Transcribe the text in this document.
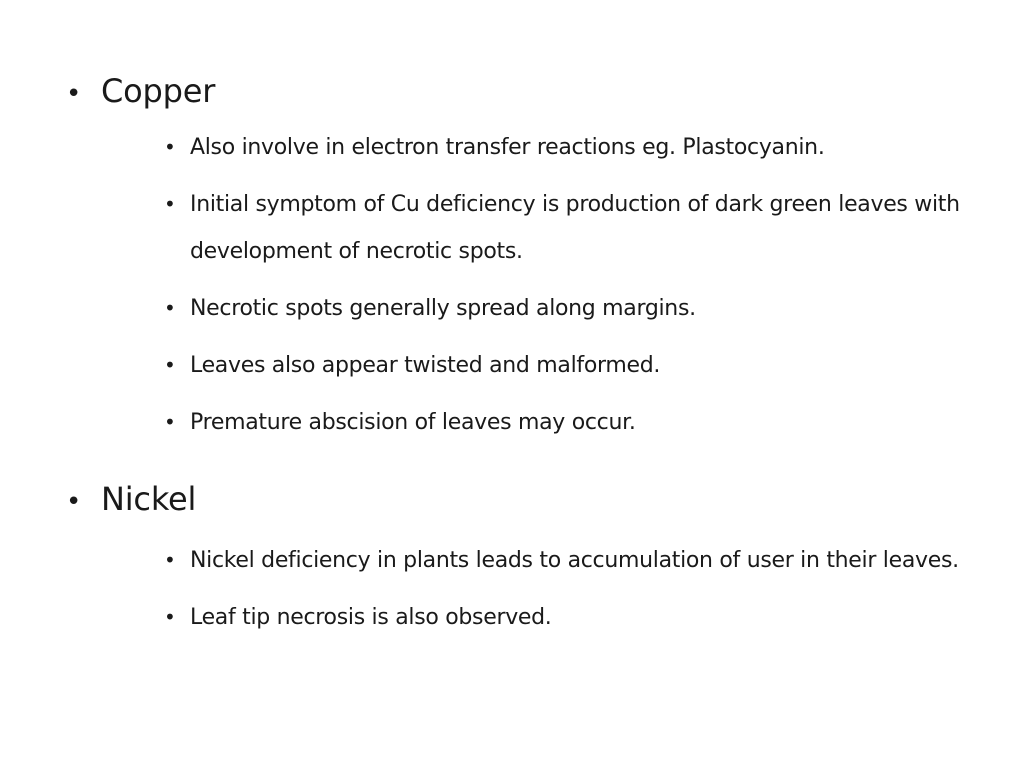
• Copper
• Also involve in electron transfer reactions eg. Plastocyanin.
• Initial symptom of Cu deficiency is production of dark green leaves with development of necrotic spots.
• Necrotic spots generally spread along margins.
• Leaves also appear twisted and malformed.
• Premature abscision of leaves may occur.
• Nickel
• Nickel deficiency in plants leads to accumulation of user in their leaves.
• Leaf tip necrosis is also observed.
